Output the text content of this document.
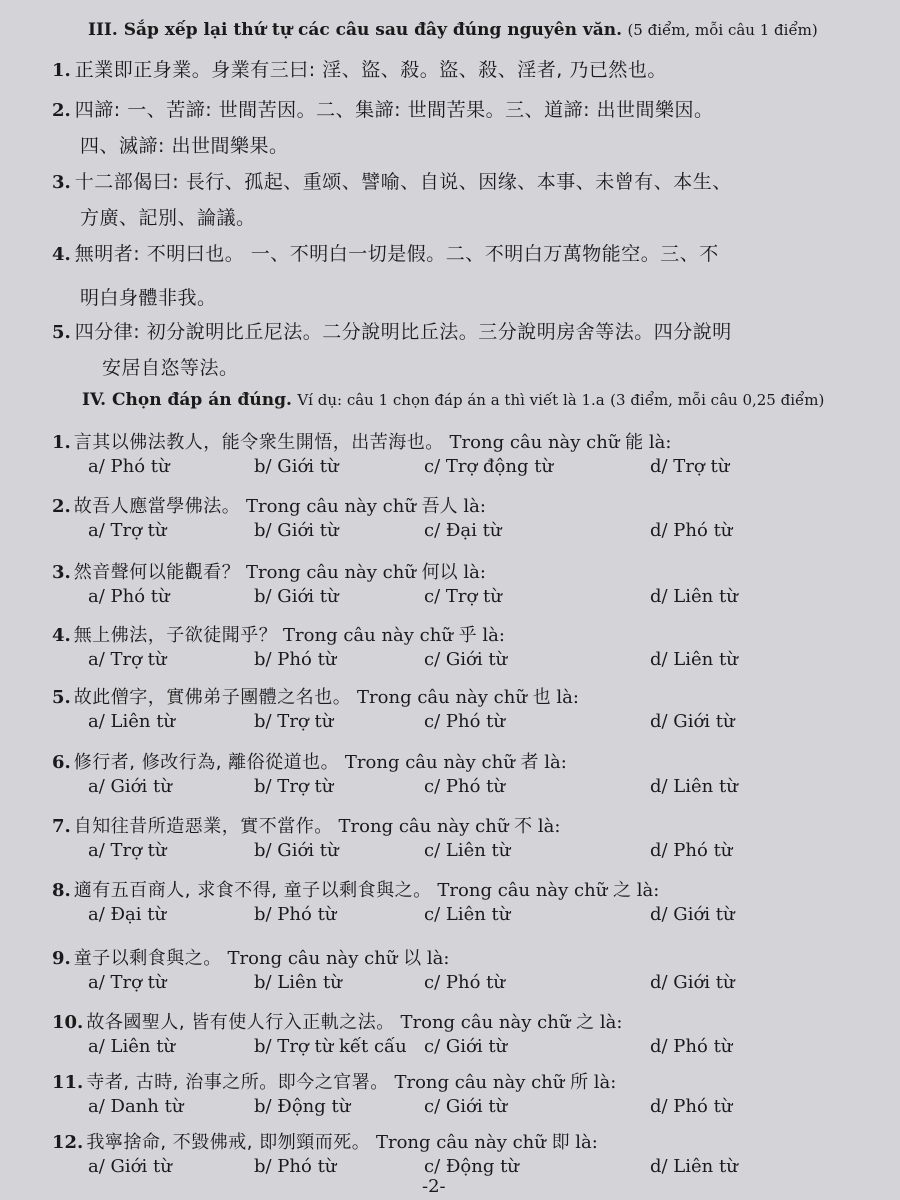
III. Sắp xếp lại thứ tự các câu sau đây đúng nguyên văn. (5 điểm, mỗi câu 1 điểm)
1. 正業即正身業。身業有三曰: 淫、盜、殺。盜、殺、淫者, 乃已然也。
2. 四諦: 一、苦諦: 世間苦因。二、集諦: 世間苦果。三、道諦: 出世間樂因。
四、滅諦: 出世間樂果。
3. 十二部偈曰: 長行、孤起、重颂、譬喻、自说、因缘、本事、未曾有、本生、
方廣、記別、論議。
4. 無明者: 不明曰也。 一、不明白一切是假。二、不明白万萬物能空。三、不
明白身體非我。
5. 四分律: 初分說明比丘尼法。二分說明比丘法。三分說明房舍等法。四分說明
安居自恣等法。
IV. Chọn đáp án đúng. Ví dụ: câu 1 chọn đáp án a thì viết là 1.a (3 điểm, mỗi câu 0,25 điểm)
1. 言其以佛法教人，能令衆生開悟，出苦海也。 Trong câu này chữ 能 là:
a/ Phó từ	b/ Giới từ	c/ Trợ động từ	d/ Trợ từ
2. 故吾人應當學佛法。 Trong câu này chữ 吾人 là:
a/ Trợ từ	b/ Giới từ	c/ Đại từ	d/ Phó từ
3. 然音聲何以能觀看？ Trong câu này chữ 何以 là:
a/ Phó từ	b/ Giới từ	c/ Trợ từ	d/ Liên từ
4. 無上佛法，子欲徒聞乎？ Trong câu này chữ 乎 là:
a/ Trợ từ	b/ Phó từ	c/ Giới từ	d/ Liên từ
5. 故此僧字，實佛弟子團體之名也。 Trong câu này chữ 也 là:
a/ Liên từ	b/ Trợ từ	c/ Phó từ	d/ Giới từ
6. 修行者, 修改行為, 離俗從道也。 Trong câu này chữ 者 là:
a/ Giới từ	b/ Trợ từ	c/ Phó từ	d/ Liên từ
7. 自知往昔所造惡業，實不當作。 Trong câu này chữ 不 là:
a/ Trợ từ	b/ Giới từ	c/ Liên từ	d/ Phó từ
8. 適有五百商人, 求食不得, 童子以剩食與之。 Trong câu này chữ 之 là:
a/ Đại từ	b/ Phó từ	c/ Liên từ	d/ Giới từ
9. 童子以剩食與之。 Trong câu này chữ 以 là:
a/ Trợ từ	b/ Liên từ	c/ Phó từ	d/ Giới từ
10. 故各國聖人, 皆有使人行入正軌之法。 Trong câu này chữ 之 là:
a/ Liên từ	b/ Trợ từ kết cấu c/ Giới từ	d/ Phó từ
11. 寺者, 古時, 治事之所。即今之官署。 Trong câu này chữ 所 là:
a/ Danh từ	b/ Động từ	c/ Giới từ	d/ Phó từ
12. 我寧捨命, 不毀佛戒, 即刎頸而死。 Trong câu này chữ 即 là:
a/ Giới từ	b/ Phó từ	c/ Động từ	d/ Liên từ
-2-
